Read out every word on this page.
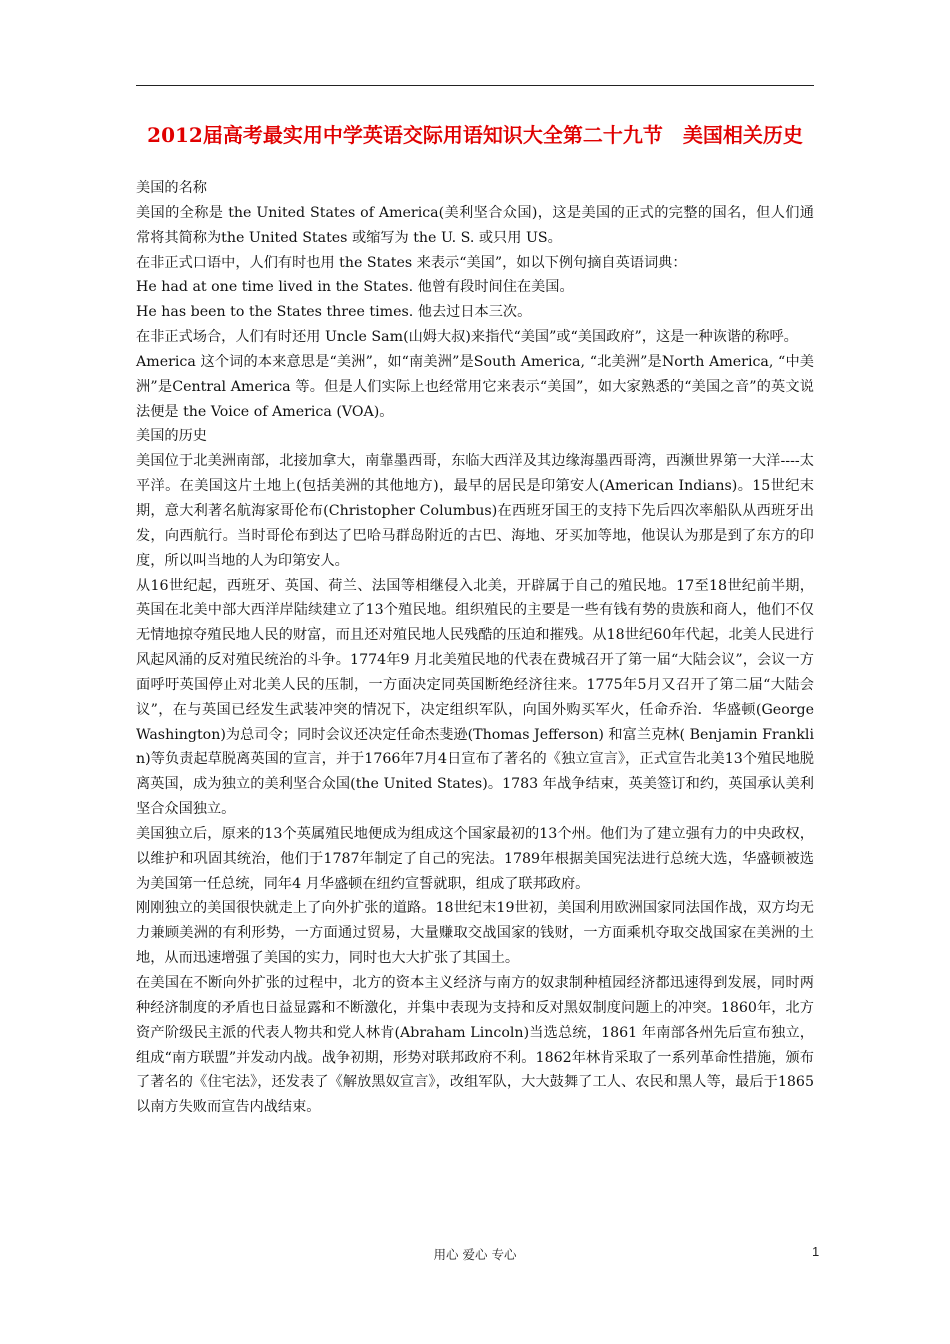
2012届高考最实用中学英语交际用语知识大全第二十九节　美国相关历史

美国的名称

美国的全称是 the United States of America(美利坚合众国)，这是美国的正式的完整的国名，但人们通常将其简称为the United States 或缩写为 the U. S. 或只用 US。

在非正式口语中，人们有时也用 the States 来表示“美国”，如以下例句摘自英语词典：

He had at one time lived in the States. 他曾有段时间住在美国。

He has been to the States three times. 他去过日本三次。

在非正式场合，人们有时还用 Uncle Sam(山姆大叔)来指代“美国”或“美国政府”，这是一种诙谐的称呼。

America 这个词的本来意思是“美洲”，如“南美洲”是South America, “北美洲”是North America, “中美洲”是Central America 等。但是人们实际上也经常用它来表示“美国”，如大家熟悉的“美国之音”的英文说法便是 the Voice of America (VOA)。

美国的历史

美国位于北美洲南部，北接加拿大，南靠墨西哥，东临大西洋及其边缘海墨西哥湾，西濒世界第一大洋----太平洋。在美国这片土地上(包括美洲的其他地方)，最早的居民是印第安人(American Indians)。15世纪末期，意大利著名航海家哥伦布(Christopher Columbus)在西班牙国王的支持下先后四次率船队从西班牙出发，向西航行。当时哥伦布到达了巴哈马群岛附近的古巴、海地、牙买加等地，他误认为那是到了东方的印度，所以叫当地的人为印第安人。

从16世纪起，西班牙、英国、荷兰、法国等相继侵入北美，开辟属于自己的殖民地。17至18世纪前半期，英国在北美中部大西洋岸陆续建立了13个殖民地。组织殖民的主要是一些有钱有势的贵族和商人，他们不仅无情地掠夺殖民地人民的财富，而且还对殖民地人民残酷的压迫和摧残。从18世纪60年代起，北美人民进行风起风涌的反对殖民统治的斗争。1774年9 月北美殖民地的代表在费城召开了第一届“大陆会议”，会议一方面呼吁英国停止对北美人民的压制，一方面决定同英国断绝经济往来。1775年5月又召开了第二届“大陆会议”，在与英国已经发生武装冲突的情况下，决定组织军队，向国外购买军火，任命乔治．华盛顿(George Washington)为总司令；同时会议还决定任命杰斐逊(Thomas Jefferson) 和富兰克林( Benjamin Franklin)等负责起草脱离英国的宣言，并于1766年7月4日宣布了著名的《独立宣言》，正式宣告北美13个殖民地脱离英国，成为独立的美利坚合众国(the United States)。1783 年战争结束，英美签订和约，英国承认美利坚合众国独立。

美国独立后，原来的13个英属殖民地便成为组成这个国家最初的13个州。他们为了建立强有力的中央政权，以维护和巩固其统治，他们于1787年制定了自己的宪法。1789年根据美国宪法进行总统大选，华盛顿被选为美国第一任总统，同年4 月华盛顿在纽约宣誓就职，组成了联邦政府。

刚刚独立的美国很快就走上了向外扩张的道路。18世纪末19世初，美国利用欧洲国家同法国作战，双方均无力兼顾美洲的有利形势，一方面通过贸易，大量赚取交战国家的钱财，一方面乘机夺取交战国家在美洲的土地，从而迅速增强了美国的实力，同时也大大扩张了其国土。

在美国在不断向外扩张的过程中，北方的资本主义经济与南方的奴隶制种植园经济都迅速得到发展，同时两种经济制度的矛盾也日益显露和不断激化，并集中表现为支持和反对黑奴制度问题上的冲突。1860年，北方资产阶级民主派的代表人物共和党人林肯(Abraham Lincoln)当选总统，1861 年南部各州先后宣布独立，组成“南方联盟”并发动内战。战争初期，形势对联邦政府不利。1862年林肯采取了一系列革命性措施，颁布了著名的《住宅法》，还发表了《解放黑奴宣言》，改组军队，大大鼓舞了工人、农民和黑人等，最后于1865以南方失败而宣告内战结束。

用心 爱心 专心	1
